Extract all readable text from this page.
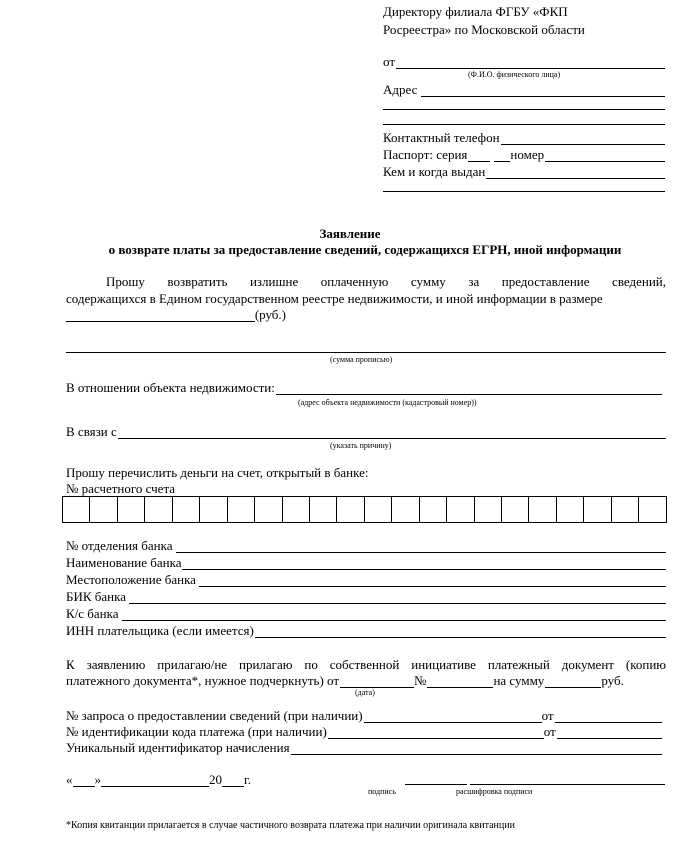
Директору филиала ФГБУ «ФКП
Росреестра» по Московской области
от
(Ф.И.О. физического лица)
Адрес
Контактный телефон
Паспорт: серия	номер
Кем и когда выдан
Заявление
о возврате платы за предоставление сведений, содержащихся ЕГРН, иной информации
Прошу возвратить излишне оплаченную сумму за предоставление сведений,
содержащихся в Едином государственном реестре недвижимости, и иной информации в размере
(руб.)
(сумма прописью)
В отношении объекта недвижимости:
(адрес объекта недвижимости (кадастровый номер))
В связи с
(указать причину)
Прошу перечислить деньги на счет, открытый в банке:
№ расчетного счета

№ отделения банка
Наименование банка
Местоположение банка
БИК банка
К/с банка
ИНН плательщика (если имеется)
К заявлению прилагаю/не прилагаю по собственной инициативе платежный документ (копию
платежного документа*, нужное подчеркнуть) от	№	на сумму	руб.
(дата)
№ запроса о предоставлении сведений (при наличии)	от
№ идентификации кода платежа (при наличии)	от
Уникальный идентификатор начисления
« »	20 г.
подпись	расшифровка подписи
*Копия квитанции прилагается в случае частичного возврата платежа при наличии оригинала квитанции
